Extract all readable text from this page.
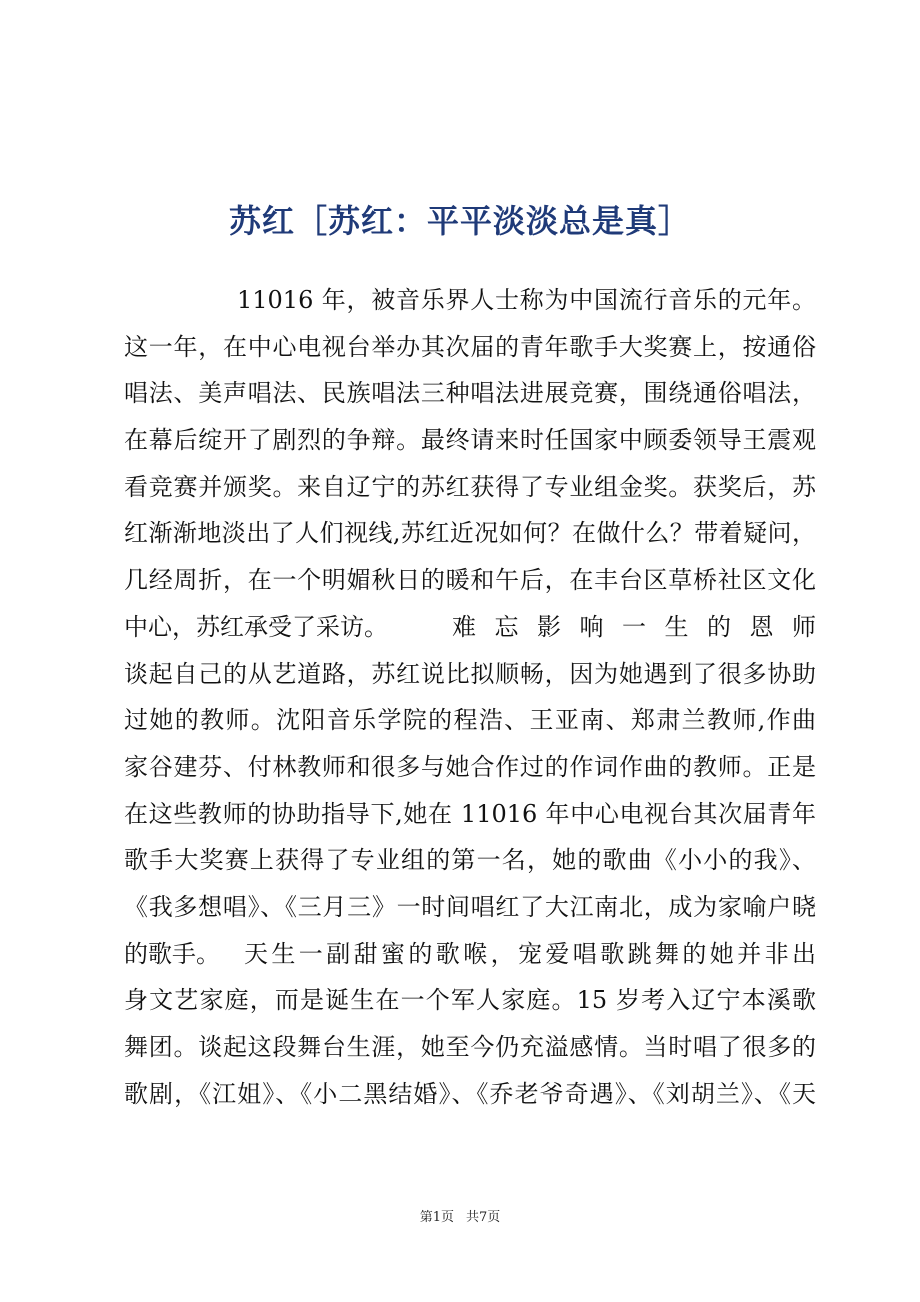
苏红［苏红：平平淡淡总是真］
11016 年，被音乐界人士称为中国流行音乐的元年。
这一年，在中心电视台举办其次届的青年歌手大奖赛上，按通俗
唱法、美声唱法、民族唱法三种唱法进展竞赛，围绕通俗唱法，
在幕后绽开了剧烈的争辩。最终请来时任国家中顾委领导王震观
看竞赛并颁奖。来自辽宁的苏红获得了专业组金奖。获奖后，苏
红渐渐地淡出了人们视线,苏红近况如何？在做什么？带着疑问，
几经周折，在一个明媚秋日的暖和午后，在丰台区草桥社区文化
中心，苏红承受了采访。	难忘影响一生的恩师
谈起自己的从艺道路，苏红说比拟顺畅，因为她遇到了很多协助
过她的教师。沈阳音乐学院的程浩、王亚南、郑肃兰教师,作曲
家谷建芬、付林教师和很多与她合作过的作词作曲的教师。正是
在这些教师的协助指导下,她在 11016 年中心电视台其次届青年
歌手大奖赛上获得了专业组的第一名，她的歌曲《小小的我》、
《我多想唱》、《三月三》一时间唱红了大江南北，成为家喻户晓
的歌手。 天生一副甜蜜的歌喉，宠爱唱歌跳舞的她并非出
身文艺家庭，而是诞生在一个军人家庭。15 岁考入辽宁本溪歌
舞团。谈起这段舞台生涯，她至今仍充溢感情。当时唱了很多的
歌剧，《江姐》、《小二黑结婚》、《乔老爷奇遇》、《刘胡兰》、《天
第1页 共7页
